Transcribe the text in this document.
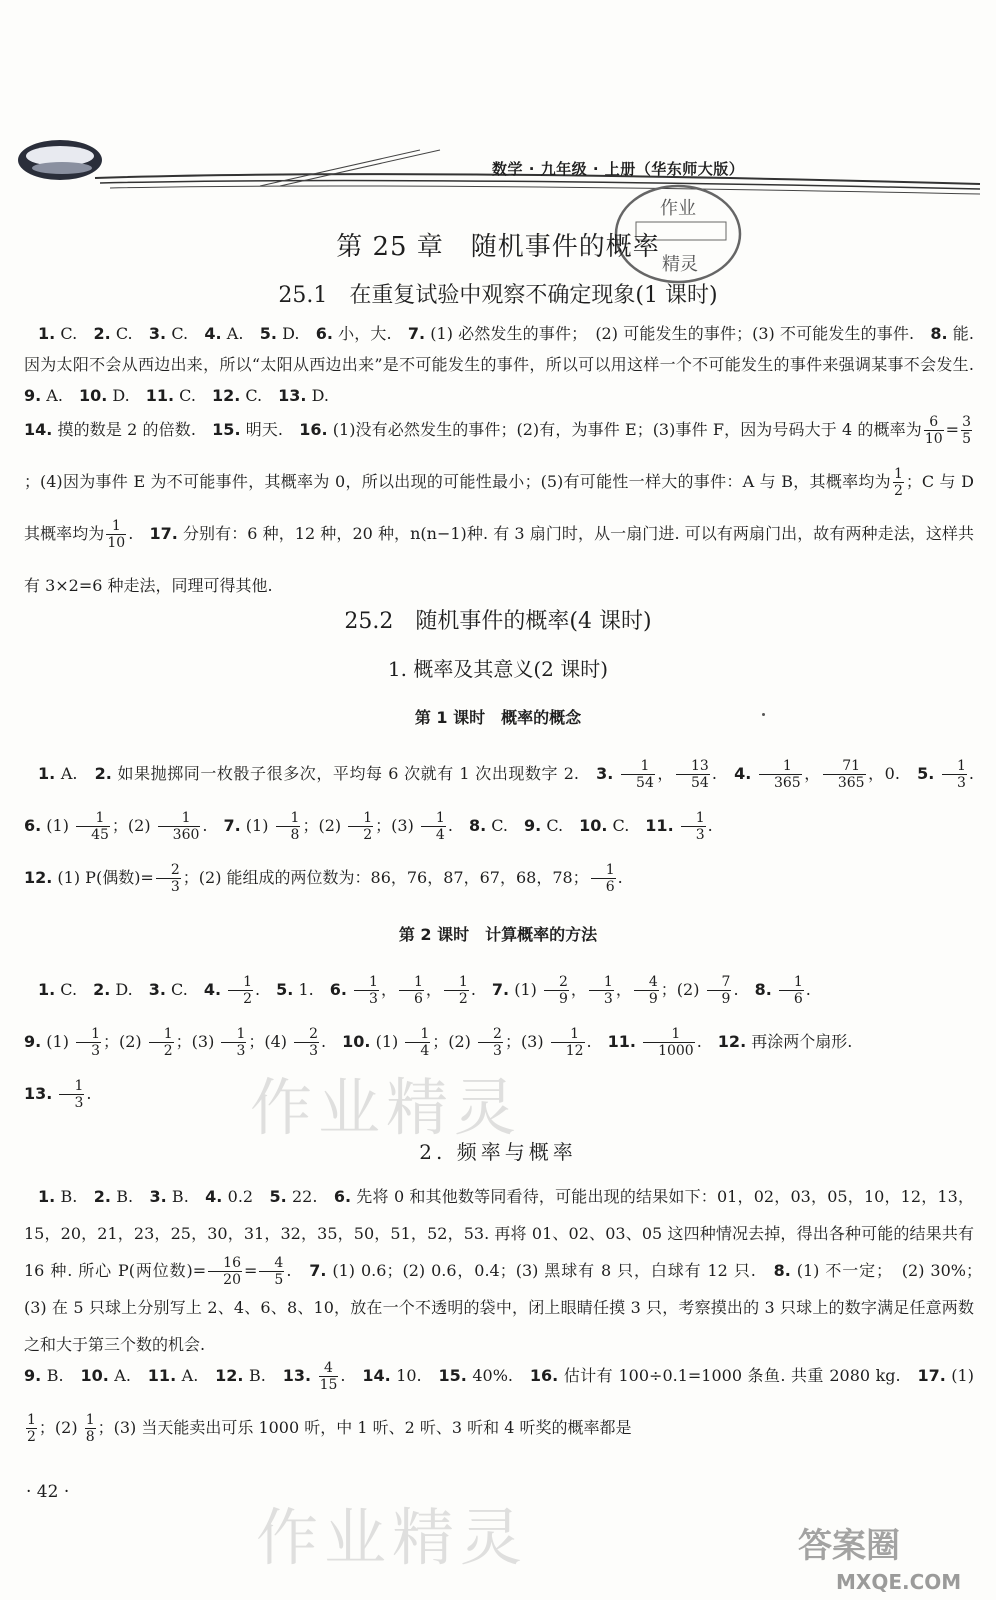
数学 · 九年级 · 上册（华东师大版）
作业
精灵
第 25 章　随机事件的概率
25.1　在重复试验中观察不确定现象(1 课时)
1. C.　2. C.　3. C.　4. A.　5. D.　6. 小，大.　7. (1) 必然发生的事件；　(2) 可能发生的事件；(3) 不可能发生的事件.　8. 能. 因为太阳不会从西边出来，所以“太阳从西边出来”是不可能发生的事件，所以可以用这样一个不可能发生的事件来强调某事不会发生.　9. A.　10. D.　11. C.　12. C.　13. D.　
14. 摸的数是 2 的倍数.　15. 明天.　16. (1)没有必然发生的事件；(2)有，为事件 E；(3)事件 F，因为号码大于 4 的概率为 $\frac{6}{10} = \frac{3}{5}$
；(4)因为事件 E 为不可能事件，其概率为 0，所以出现的可能性最小；(5)有可能性一样大的事件：A 与 B，其概率均为 $\frac{1}{2}$ ；C 与 D 其概率均为 $\frac{1}{10}$ .　17. 分别有：6 种，12 种，20 种，n(n−1)种. 有 3 扇门时，从一扇门进. 可以有两扇门出，故有两种走法，这样共有 3×2=6 种走法，同理可得其他.
25.2　随机事件的概率(4 课时)
1. 概率及其意义(2 课时)
第 1 课时　概率的概念
1. A.　2. 如果抛掷同一枚骰子很多次，平均每 6 次就有 1 次出现数字 2.　3. $\frac{1}{54}$ ， $\frac{13}{54}$ .　4. $\frac{1}{365}$ ， $\frac{71}{365}$ ，0.　5. $\frac{1}{3}$ .　6. $(1) \frac{1}{45}$ ；$(2) \frac{1}{360}$ .　7. $(1) \frac{1}{8}$ ；$(2) \frac{1}{2}$ ；$(3) \frac{1}{4}$ .　8. C.　9. C.　10. C.　11. $\frac{1}{3}$ .
12. (1) P(偶数)= $\frac{2}{3}$ ；(2) 能组成的两位数为：86，76，87，67，68，78； $\frac{1}{6}$ .
第 2 课时　计算概率的方法
1. C.　2. D.　3. C.　4. $\frac{1}{2}$ .　5. 1.　6. $\frac{1}{3}$ ， $\frac{1}{6}$ ， $\frac{1}{2}$ .　7. $(1) \frac{2}{9}$ ， $\frac{1}{3}$ ， $\frac{4}{9}$ ；$(2) \frac{7}{9}$ .　8. $\frac{1}{6}$ .
9. $(1) \frac{1}{3}$ ；$(2) \frac{1}{2}$ ；$(3) \frac{1}{3}$ ；$(4) \frac{2}{3}$ .　10. $(1) \frac{1}{4}$ ；$(2) \frac{2}{3}$ ；$(3) \frac{1}{12}$ .　11. $\frac{1}{1000}$ .　12. 再涂两个扇形.
13. $\frac{1}{3}$ .	作业精灵
2. 频率与概率
1. B.　2. B.　3. B.　4. 0.2　5. 22.　6. 先将 0 和其他数等同看待，可能出现的结果如下：01，02，03，05，10，12，13，15，20，21，23，25，30，31，32，35，50，51，52，53. 再将 01、02、03、05 这四种情况去掉，得出各种可能的结果共有 16 种. 所心 P(两位数)= $\frac{16}{20} = \frac{4}{5}$ .　7. (1) 0.6；(2) 0.6，0.4；(3) 黑球有 8 只，白球有 12 只.　8. (1) 不一定；　(2) 30%；　(3) 在 5 只球上分别写上 2、4、6、8、10，放在一个不透明的袋中，闭上眼睛任摸 3 只，考察摸出的 3 只球上的数字满足任意两数之和大于第三个数的机会.
9. B.　10. A.　11. A.　12. B.　13. $\frac{4}{15}$ .　14. 10.　15. 40%.　16. 估计有 100÷0.1=1000 条鱼. 共重 2080 kg.　17. (1)
$\frac{1}{2}$ ；$(2) \frac{1}{8}$ ；(3) 当天能卖出可乐 1000 听，中 1 听、2 听、3 听和 4 听奖的概率都是
· 42 ·
作业精灵	答案圈
MXQE.COM
